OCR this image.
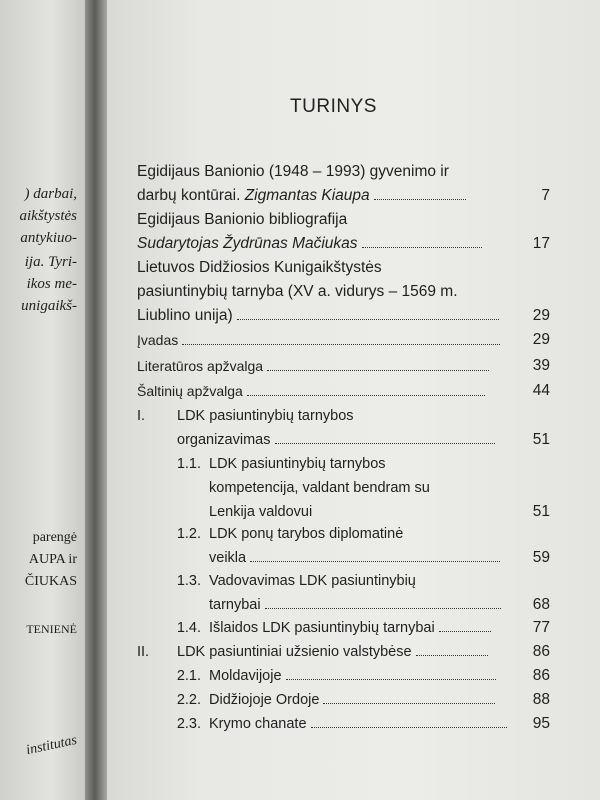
) darbai,
aikštystės
antykiuo-
ija. Tyri-
ikos me-
unigaikš-
parengė
AUPA ir
ČIUKAS
TENIENĖ
institutas
TURINYS
Egidijaus Banionio (1948 – 1993) gyvenimo ir
darbų kontūrai. Zigmantas Kiaupa	7
Egidijaus Banionio bibliografija
Sudarytojas Žydrūnas Mačiukas	17
Lietuvos Didžiosios Kunigaikštystės
pasiuntinybių tarnyba (XV a. vidurys – 1569 m.
Liublino unija)	29
Įvadas	29
Literatūros apžvalga	39
Šaltinių apžvalga	44
I. LDK pasiuntinybių tarnybos
organizavimas	51
1.1. LDK pasiuntinybių tarnybos
kompetencija, valdant bendram su
Lenkija valdovui	51
1.2. LDK ponų tarybos diplomatinė
veikla	59
1.3. Vadovavimas LDK pasiuntinybių
tarnybai	68
1.4. Išlaidos LDK pasiuntinybių tarnybai	77
II. LDK pasiuntiniai užsienio valstybėse	86
2.1. Moldavijoje	86
2.2. Didžiojoje Ordoje	88
2.3. Krymo chanate	95
